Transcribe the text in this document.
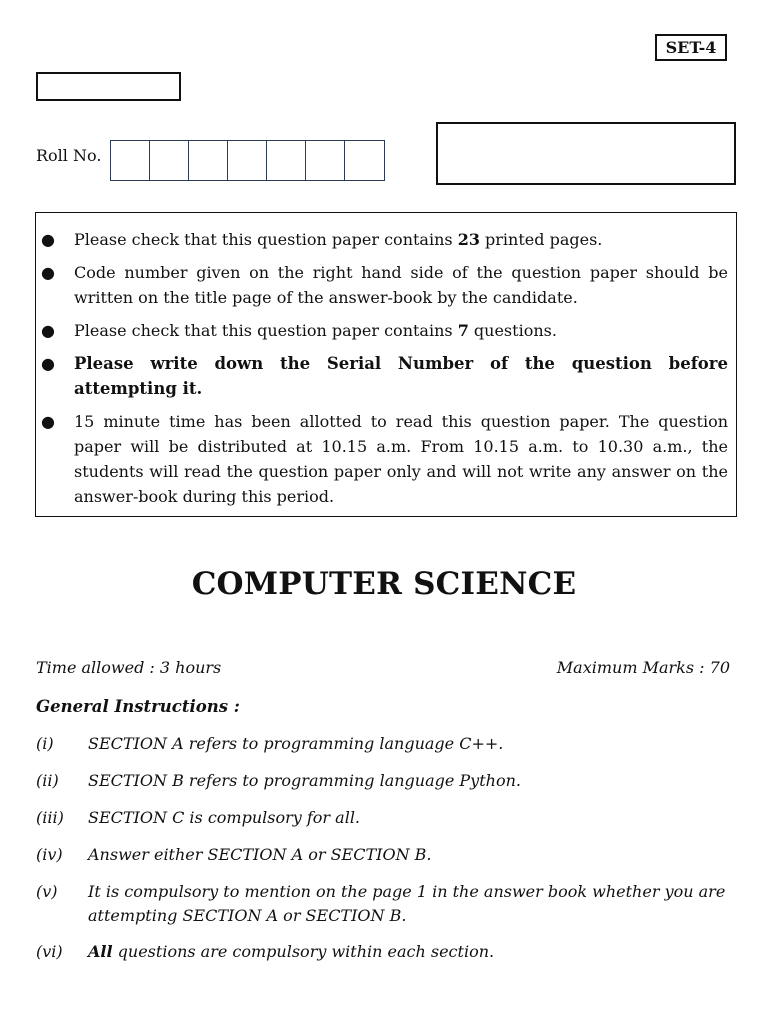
SET-4
Roll No.
● Please check that this question paper contains 23 printed pages.
● Code number given on the right hand side of the question paper should be written on the title page of the answer-book by the candidate.
● Please check that this question paper contains 7 questions.
● Please write down the Serial Number of the question before attempting it.
● 15 minute time has been allotted to read this question paper. The question paper will be distributed at 10.15 a.m. From 10.15 a.m. to 10.30 a.m., the students will read the question paper only and will not write any answer on the answer-book during this period.
COMPUTER SCIENCE
Time allowed : 3 hours	Maximum Marks : 70
General Instructions :
(i)	SECTION A refers to programming language C++.
(ii)	SECTION B refers to programming language Python.
(iii)	SECTION C is compulsory for all.
(iv)	Answer either SECTION A or SECTION B.
(v)	It is compulsory to mention on the page 1 in the answer book whether you are attempting SECTION A or SECTION B.
(vi)	All questions are compulsory within each section.
